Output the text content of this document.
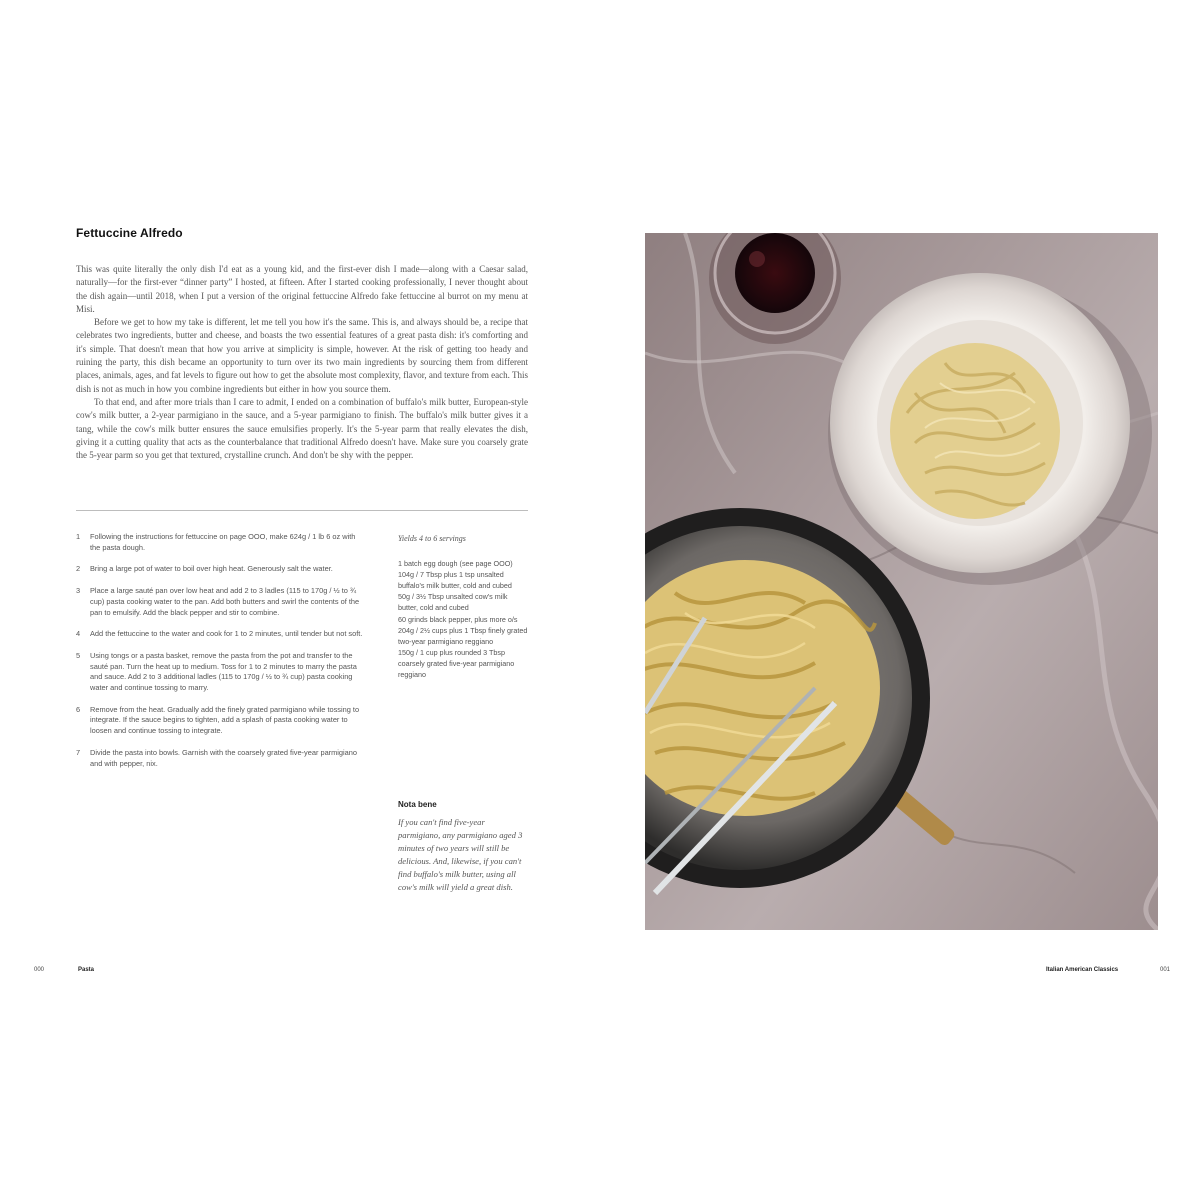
Fettuccine Alfredo

This was quite literally the only dish I'd eat as a young kid, and the first-ever dish I made—along with a Caesar salad, naturally—for the first-ever “dinner party” I hosted, at fifteen. After I started cooking professionally, I never thought about the dish again—until 2018, when I put a version of the original fettuccine Alfredo fake fettuccine al burrot on my menu at Misi.

Before we get to how my take is different, let me tell you how it's the same. This is, and always should be, a recipe that celebrates two ingredients, butter and cheese, and boasts the two essential features of a great pasta dish: it's comforting and it's simple. That doesn't mean that how you arrive at simplicity is simple, however. At the risk of getting too heady and ruining the party, this dish became an opportunity to turn over its two main ingredients by sourcing them from different places, animals, ages, and fat levels to figure out how to get the absolute most complexity, flavor, and texture from each. This dish is not as much in how you combine ingredients but either in how you source them.

To that end, and after more trials than I care to admit, I ended on a combination of buffalo's milk butter, European-style cow's milk butter, a 2-year parmigiano in the sauce, and a 5-year parmigiano to finish. The buffalo's milk butter gives it a tang, while the cow's milk butter ensures the sauce emulsifies properly. It's the 5-year parm that really elevates the dish, giving it a cutting quality that acts as the counterbalance that traditional Alfredo doesn't have. Make sure you coarsely grate the 5-year parm so you get that textured, crystalline crunch. And don't be shy with the pepper.

1 Following the instructions for fettuccine on page OOO, make 624g / 1 lb 6 oz with the pasta dough.
2 Bring a large pot of water to boil over high heat. Generously salt the water.
3 Place a large sauté pan over low heat and add 2 to 3 ladles (115 to 170g / ½ to ¾ cup) pasta cooking water to the pan. Add both butters and swirl the contents of the pan to emulsify. Add the black pepper and stir to combine.
4 Add the fettuccine to the water and cook for 1 to 2 minutes, until tender but not soft.
5 Using tongs or a pasta basket, remove the pasta from the pot and transfer to the sauté pan. Turn the heat up to medium. Toss for 1 to 2 minutes to marry the pasta and sauce. Add 2 to 3 additional ladles (115 to 170g / ½ to ¾ cup) pasta cooking water and continue tossing to marry.
6 Remove from the heat. Gradually add the finely grated parmigiano while tossing to integrate. If the sauce begins to tighten, add a splash of pasta cooking water to loosen and continue tossing to integrate.
7 Divide the pasta into bowls. Garnish with the coarsely grated five-year parmigiano and with pepper, nix.
Yields 4 to 6 servings
1 batch egg dough (see page OOO)
104g / 7 Tbsp plus 1 tsp unsalted buffalo's milk butter, cold and cubed
50g / 3½ Tbsp unsalted cow's milk butter, cold and cubed
60 grinds black pepper, plus more o/s
204g / 2½ cups plus 1 Tbsp finely grated two-year parmigiano reggiano
150g / 1 cup plus rounded 3 Tbsp coarsely grated five-year parmigiano reggiano
Nota bene

If you can't find five-year parmigiano, any parmigiano aged 3 minutes of two years will still be delicious. And, likewise, if you can't find buffalo's milk butter, using all cow's milk will yield a great dish.

000	Pasta	Italian American Classics	001
